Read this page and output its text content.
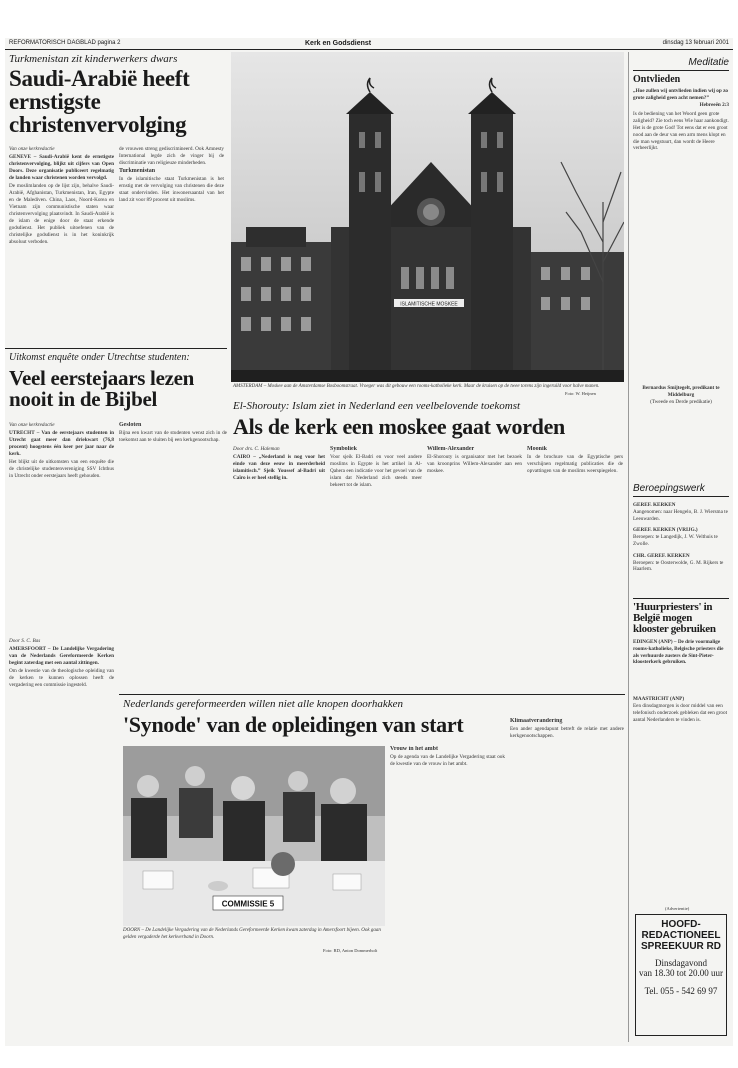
REFORMATORISCH DAGBLAD pagina 2	Kerk en Godsdienst	dinsdag 13 februari 2001
Turkmenistan zit kinderwerkers dwars
Saudi-Arabië heeft ernstigste christenvervolging

Van onze kerkredactie

GENEVE – Saudi-Arabië kent de ernstigste christenvervolging, blijkt uit cijfers van Open Doors. Deze organisatie publiceert regelmatig de landen waar christenen worden vervolgd.

De moslimlanden op de lijst zijn, behalve Saudi-Arabië, Afghanistan, Turkmenistan, Iran, Egypte en de Malediven. China, Laos, Noord-Korea en Vietnam zijn communistische staten waar christenvervolging plaatsvindt. In Saudi-Arabië is de islam de enige door de staat erkende godsdienst. Het publiek uitoefenen van de christelijke godsdienst is in het koninkrijk absoluut verboden.

de vrouwen streng gediscrimineerd. Ook Amnesty International legde zich de vinger bij de discriminatie van religieuze minderheden.

Turkmenistan

In de islamitische staat Turkmenistan is het ernstig met de vervolging van christenen die deze staat ondervinden. Het inwonersaantal van het land zit voor 89 procent uit moslims.

ISLAMITISCHE MOSKEE
AMSTERDAM – Moskee aan de Amsterdamse Bosboomstraat. Vroeger was dit gebouw een rooms-katholieke kerk. Maar de kruisen op de twee torens zijn ingeruild voor halve manen.
Foto: W. Heijnen
El-Shorouty: Islam ziet in Nederland een veelbelovende toekomst
Als de kerk een moskee gaat worden

Door drs. C. Haleman

CAIRO – „Nederland is nog voor het einde van deze eeuw in meerderheid islamitisch.” Sjeik Youssef al-Badri uit Caïro is er heel stellig in.

Symboliek

Voor sjeik El-Badri en voor veel andere moslims in Egypte is het artikel in Al-Qahera een indicatie voor het gevoel van de islam dat Nederland zich steeds meer bekeert tot de islam.

Willem-Alexander

El-Shorouty is organisator met het bezoek van kroonprins Willem-Alexander aan een moskee.

Moonik

In de brochure van de Egyptische pers verschijnen regelmatig publicaties die de opvattingen van de moslims weerspiegelen.

Uitkomst enquête onder Utrechtse studenten:
Veel eerstejaars lezen nooit in de Bijbel

Van onze kerkredactie

UTRECHT – Van de eerstejaars studenten in Utrecht gaat meer dan driekwart (76,8 procent) hoogstens één keer per jaar naar de kerk.

Het blijkt uit de uitkomsten van een enquête die de christelijke studentenvereniging SSV Ichthus in Utrecht onder eerstejaars heeft gehouden.

Gesloten

Bijna een kwart van de studenten wenst zich in de toekomst aan te sluiten bij een kerkgenootschap.

Door S. C. Bas

AMERSFOORT – De Landelijke Vergadering van de Nederlands Gereformeerde Kerken begint zaterdag met een aantal zittingen.

Om de kwestie van de theologische opleiding van de kerken te kunnen oplossen heeft de vergadering een commissie ingesteld.

Nederlands gereformeerden willen niet alle knopen doorhakken
'Synode' van de opleidingen van start
COMMISSIE 5
DOORN – De Landelijke Vergadering van de Nederlands Gereformeerde Kerken kwam zaterdag in Amersfoort bijeen. Ook gaan gelden vergaderde het kerkverband in Doorn.
Foto: RD, Anton Dommerholt

Vrouw in het ambt

Op de agenda van de Landelijke Vergadering staat ook de kwestie van de vrouw in het ambt.

Klimaatverandering

Een ander agendapunt betreft de relatie met andere kerkgenootschappen.

Meditatie
Ontvlieden
„Hoe zullen wij ontvlieden indien wij op zo grote zaligheid geen acht nemen?”
Hebreeën 2:3
Is de bediening van het Woord geen grote zaligheid? Zie toch eens Wie haar aankondigt. Het is de grote God! Tot eens dat er een groot nood aan de deur van een arm mens klopt en die man wegstuurt, dan wordt de Heere verheerlijkt.
Bernardus Smijtegelt, predikant te Middelburg
(Tweede en Derde predikatie)
Beroepingswerk
GEREF. KERKEN
Aangenomen: naar Hengelo, B. J. Wiersma te Leeuwarden.
GEREF. KERKEN (VRIJG.)
Beroepen: te Langedijk, J. W. Velthuis te Zwolle.
CHR. GEREF. KERKEN
Beroepen: te Oosterwolde, G. M. Rijkers te Haarlem.
'Huurpriesters' in België mogen klooster gebruiken
EDINGEN (ANP) – De drie voormalige rooms-katholieke, Belgische priesters die als verhuurde zusters de Sint-Pieter-kloosterkerk gebruiken.
MAASTRICHT (ANP)
Een dinsdagmorgen is door middel van een telefonisch onderzoek gebleken dat een groot aantal Nederlanders te vinden is.
(Advertentie)
HOOFD-
REDACTIONEEL
SPREEKUUR RD
Dinsdagavond
van 18.30 tot 20.00 uur
Tel. 055 - 542 69 97
